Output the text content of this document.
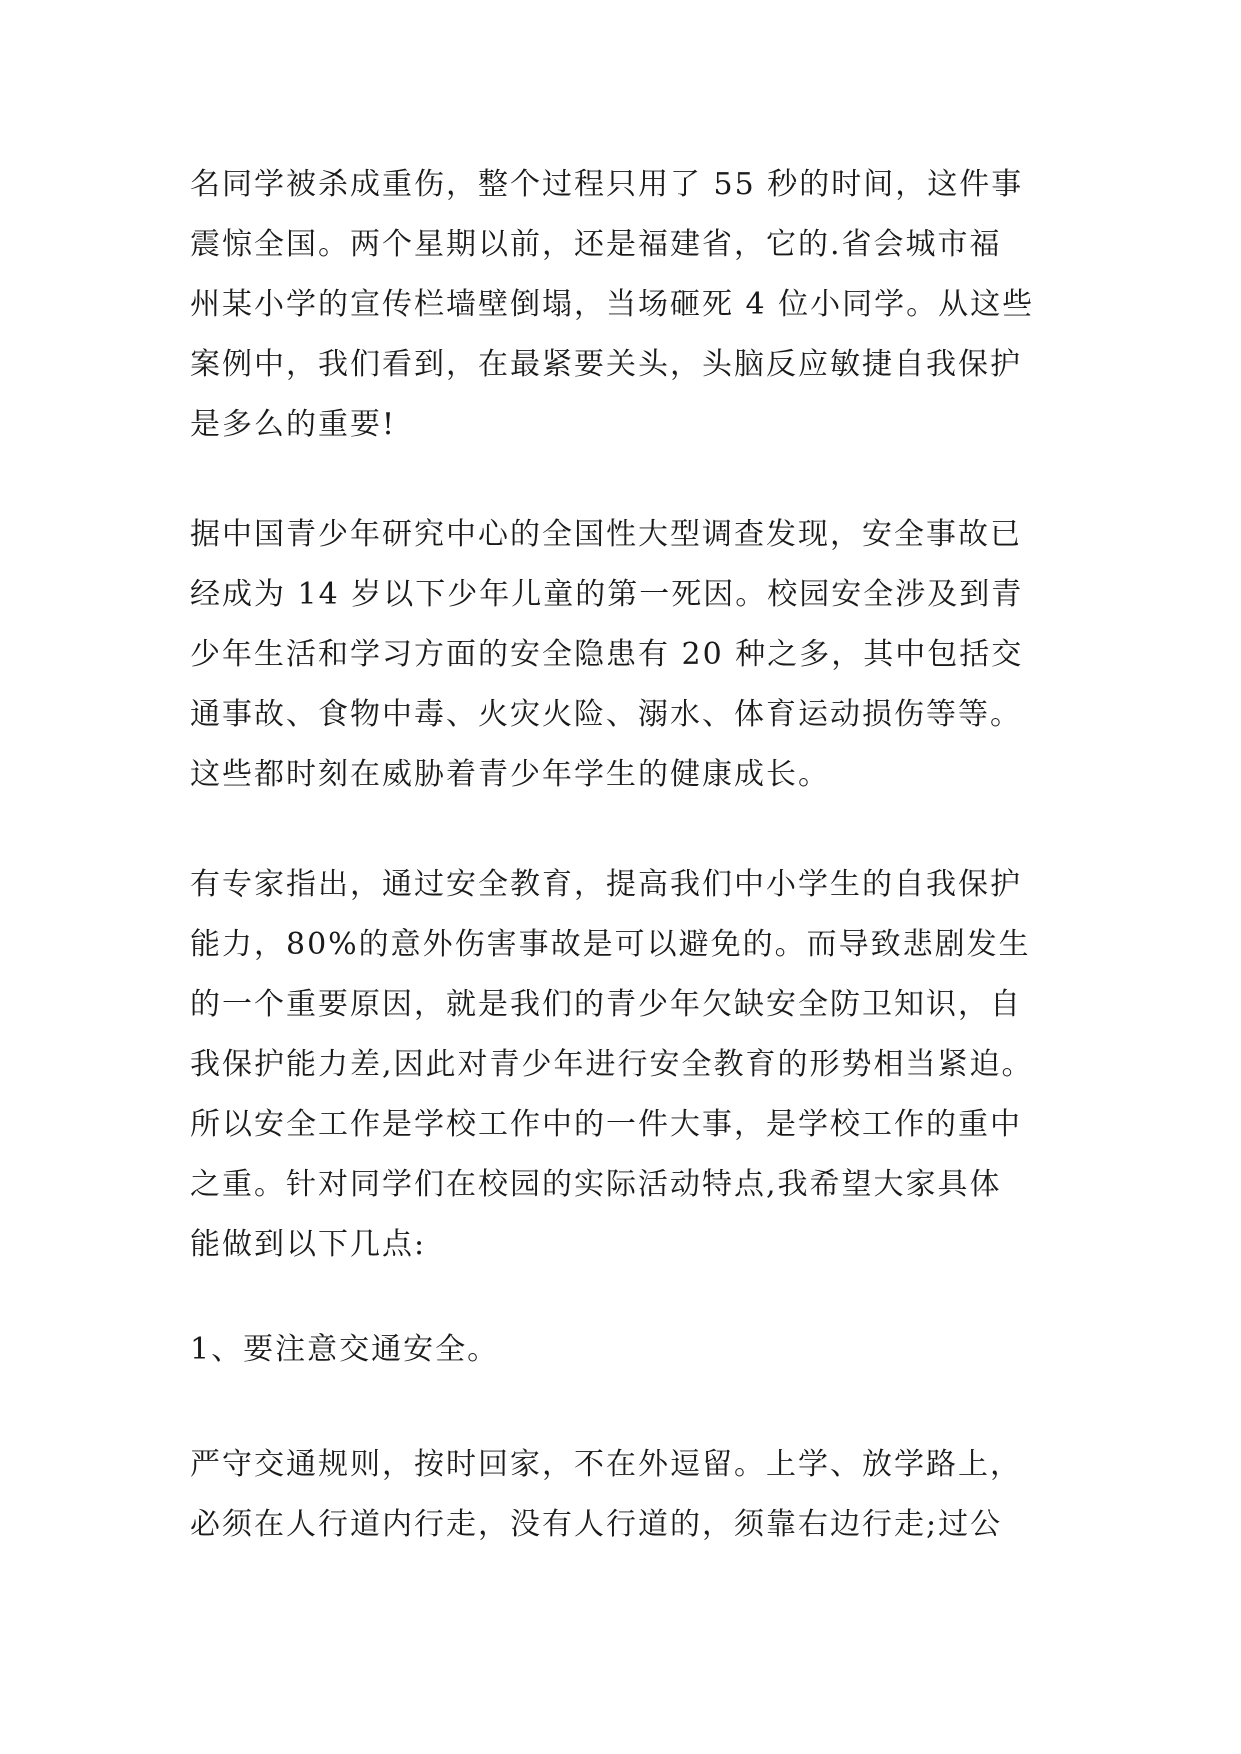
名同学被杀成重伤，整个过程只用了 55 秒的时间，这件事
震惊全国。两个星期以前，还是福建省，它的.省会城市福
州某小学的宣传栏墙壁倒塌，当场砸死 4 位小同学。从这些
案例中，我们看到，在最紧要关头，头脑反应敏捷自我保护
是多么的重要!
据中国青少年研究中心的全国性大型调查发现，安全事故已
经成为 14 岁以下少年儿童的第一死因。校园安全涉及到青
少年生活和学习方面的安全隐患有 20 种之多，其中包括交
通事故、食物中毒、火灾火险、溺水、体育运动损伤等等。
这些都时刻在威胁着青少年学生的健康成长。
有专家指出，通过安全教育，提高我们中小学生的自我保护
能力，80%的意外伤害事故是可以避免的。而导致悲剧发生
的一个重要原因，就是我们的青少年欠缺安全防卫知识，自
我保护能力差,因此对青少年进行安全教育的形势相当紧迫。
所以安全工作是学校工作中的一件大事，是学校工作的重中
之重。针对同学们在校园的实际活动特点,我希望大家具体
能做到以下几点:
1、要注意交通安全。
严守交通规则，按时回家，不在外逗留。上学、放学路上，
必须在人行道内行走，没有人行道的，须靠右边行走;过公
